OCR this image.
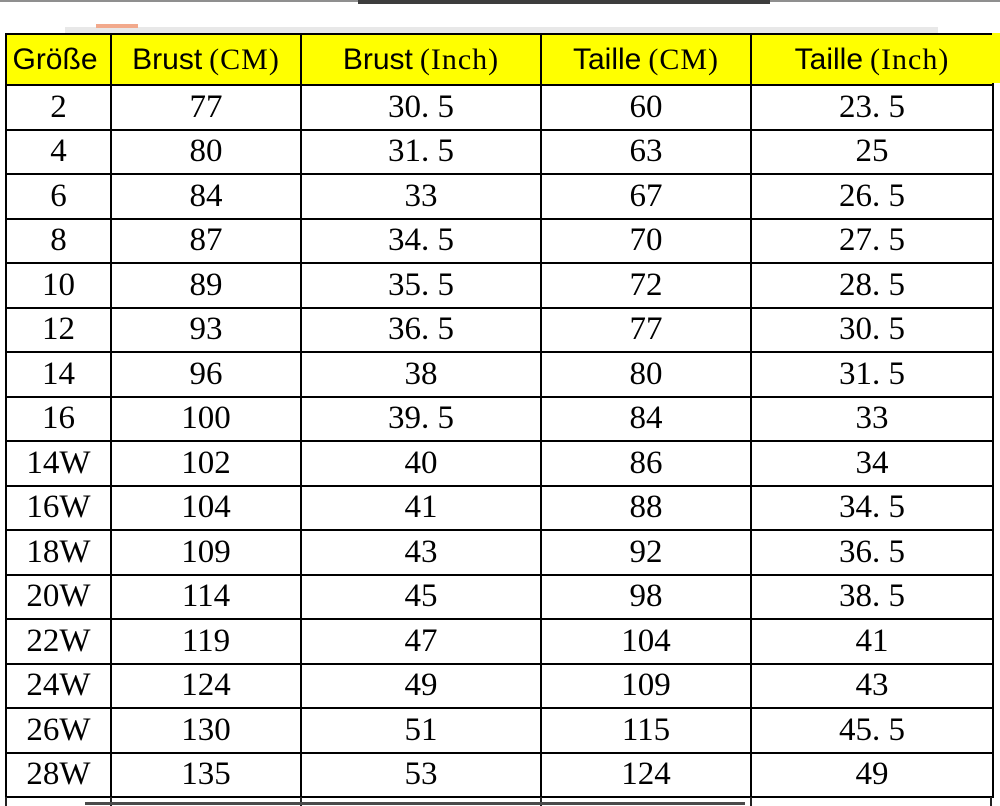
Größe	Brust (CM)	Brust (Inch)	Taille (CM)	Taille (Inch)
2	77	30. 5	60	23. 5
4	80	31. 5	63	25
6	84	33	67	26. 5
8	87	34. 5	70	27. 5
10	89	35. 5	72	28. 5
12	93	36. 5	77	30. 5
14	96	38	80	31. 5
16	100	39. 5	84	33
14W	102	40	86	34
16W	104	41	88	34. 5
18W	109	43	92	36. 5
20W	114	45	98	38. 5
22W	119	47	104	41
24W	124	49	109	43
26W	130	51	115	45. 5
28W	135	53	124	49
